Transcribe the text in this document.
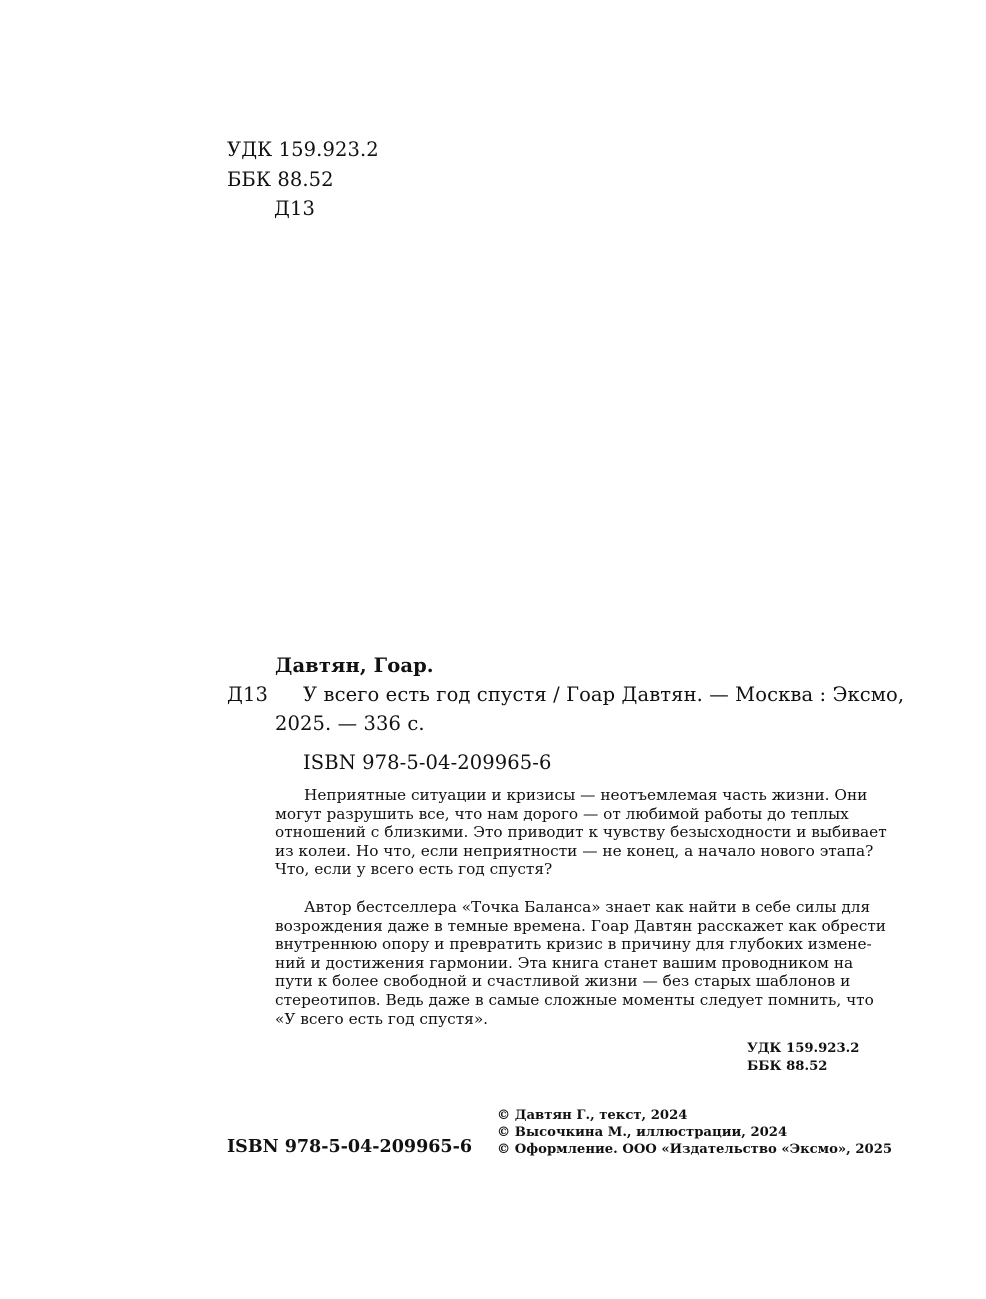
УДК 159.923.2
ББК 88.52
Д13
Давтян, Гоар.
Д13 У всего есть год спустя / Гоар Давтян. — Москва : Эксмо,
2025. — 336 с.
ISBN 978-5-04-209965-6
Неприятные ситуации и кризисы — неотъемлемая часть жизни. Они
могут разрушить все, что нам дорого — от любимой работы до теплых
отношений с близкими. Это приводит к чувству безысходности и выбивает
из колеи. Но что, если неприятности — не конец, а начало нового этапа?
Что, если у всего есть год спустя?
Автор бестселлера «Точка Баланса» знает как найти в себе силы для
возрождения даже в темные времена. Гоар Давтян расскажет как обрести
внутреннюю опору и превратить кризис в причину для глубоких измене-
ний и достижения гармонии. Эта книга станет вашим проводником на
пути к более свободной и счастливой жизни — без старых шаблонов и
стереотипов. Ведь даже в самые сложные моменты следует помнить, что
«У всего есть год спустя».
УДК 159.923.2
ББК 88.52
ISBN 978-5-04-209965-6
© Давтян Г., текст, 2024
© Высочкина М., иллюстрации, 2024
© Оформление. ООО «Издательство «Эксмо», 2025
